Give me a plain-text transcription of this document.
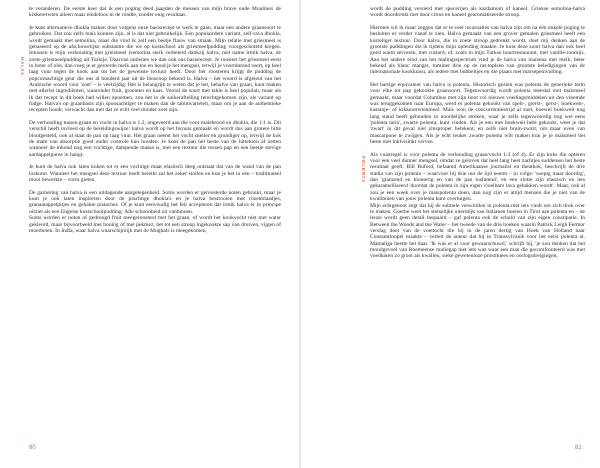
HALVA

te veranderen. De eerste keer dat ik een poging deed jaagden de messen van mijn brave oude Moulinex de kikkererwten alleen maar eindeloos in de rondte, zonder enig resultaat.

Je kunt alternatieve dhokla maken door volgens onze basisrecept te werk te gaan, maar een andere graansoort te gebruiken. Dat zou zelfs maïs kunnen zijn, al is dat niet gebruikelijk. Een populairdere variant, zelf-rava dhokla, wordt gemaakt met semolina, maar die vind ik zelf een beetje flauw van smaak. Mijn relatie met griesmeel is gebaseerd op de afschuwelijke substantie die we op kostschool als griesmeelpudding voorgeschoteld kregen. Intussen is mijn verhouding met griesmeel (semolina sterk verbeterd dankzij halva, met name irmik halva, de zoete griesmeelpudding uit Turkije. Daarvan ontlenen we dan ook ons basisrecept. Je roostert het griesmeel eerst in boter of olie, dan voeg je er geroerde melk aan toe en houd je het mengsel, terwijl je voortdurend roert, op heel laag vuur tegen de kook aan tot het de gewenste textuur heeft. Door het roosteren krijgt de pudding de popcornachtige geur die ons al honderd jaar uit de bioscoop bekend is. Halva – het woord is afgeleid van het Arabische woord voor 'zoet' – is veelzijdig. Het is belangrijk te weten dat je het, behalve van graan, kunt maken met allerlei ingrediënten, waaronder fruit, groenten en kaas. Vooral de soort met tahin is heel populair, maar als ik dat recept in dit boek had willen opnemen, zou het in de suikeraftelling terechtgekomen zijn, als variant op fudge. Halva's op graanbasis zijn sponsachtiger te maken dan de tahinivarieteit, maar om je aan de authentieke recepten houdt, verwacht dan met dat ze echt veel minder zoet zijn.

De verhouding tussen graan en vocht in halva is 1:2, ongeveerd aan die voor malebrood en dhokla, die 1:1 is. Dit verschil heeft invloed op de bereidingswijze: halva wordt op het fornuis gemaakt en wordt dus aan grotere hitte blootgesteld, ook al staat de pan op laag vuur. Het graan neemt het vocht sneller en grondiger op, terwijl de kok de mate van absorptie goed onder controle kan houden. Je kunt de pan het beste van de hittebron af zetten wanneer de inhoud nog een vochtige, dampende massa is, met een textuur die tussen pap en een beetje stevige aardappelpuree in hangt.

Je kunt de halva ook laten koken tot er een vochtige maar elastisch deeg ontstaat dat van de wand van de pan loskomt. Wanneer het mengsel deze textuur heeft bereikt zal het zeker stollen en kun je het in een – traditioneel mooi bewerkte – vorm gieten.

De garnering van halva is een uitdagende aangelegenheid. Soms worden er geroosterde noten gebruikt, maar je kunt je ook laten inspireren door de prachtige dhokla's en je halva bestrooien met rozenblaadjes, granaatappelpitjes en gehakte pistaches. Of je kunt eenvoudig het feit accepteren dat irmik halva er in principe uitziet als een Engelse kostschoolpudding. Alle schoonheid zit vanbinnen.

Soms worden er noten of gedroogd fruit meegeroosterd met het graan, of wordt het kookvocht niet met water gekleurd, maar bijvoorbeeld met honing of met pekmez, het tot een stroop ingekookte sap van druiven, vijgen of moerbeien. In India, waar halva waarschijnlijk met de Mughals is meegekomen,

80
POLENTA

wordt de pudding versierd met specerijen als kardamom of kaneel. Griekse semolina-halva wordt doordrenkt met door citrus en kaneel gearomatiseerde stroop.

Hiermee wil ik maar zeggen dat er te veel incarnaties van halva zijn om na één enkele poging te besluiten er verder vanaf te zien. Halva gemaakt van een grover gemalen griesmeel heeft een korreliger textuur. Door halva, die in zoete stroop gedrenkt wordt, doet mij denken aan de grootste puddingen die ik tijdens mijn opleiding maakte. Je kunt deze soort halva dan ook heel goed warm serveren, met custard, of, zoals in mijn Turkse buurtrestaurant, met vanille-roomijs. Aan het andere eind van het malingsspectrum vind je de halva van maïsena met melk, beter bekend als blanc manger, tuminer drie op de rat-toplsen van grootste beledigingen van de internationale kookkunst, als iedere met bubbeltjes en die plaats met marsepeinvulling.

Het hartige equivalent van halva is polenta. Historisch gezien was polenta de generieke term voor elke tot pap gekookte graansoort. Tegenwoordig wordt polenta meestal met maïsmeel gemaakt, maar voordat Columbus met zijn boot vol nieuwe voedingsmiddelen uit den vreemde was teruggekomen naar Europa, werd er polenta gekookt van spelt-, gierst-, gerst-, boekweit-, kastanje- of kikkererwtenmeel. Maïs won de concurrentiestrijd al snel, hoewel boekweit nog lang stand heeft gehouden in noordelijke streken, waar je zelfs tegenwoordig nog wel eens 'polenta nera', zwarte polenta, kunt vinden. Als je een met boekweit hebt gekookt, weet je dat 'zwart' in dit geval niet zinsproper betekent, en zelfs niet bruin-zwart, om maar even van mascarpone te zwijgen. Als je echt leuker zwarte polenta wilt maken kun je je maïsmeel het beste met inktvisinkt verven.

Als vuistregel is voor polenta de verhouding graan/vocht 1:3 (of 4). Er zijn koks die opteren voor een veel dunner mengsel, omdat ze geloven dat heel lang heet zachtjes suddereen het beste resultaat geeft. Bill Buford, befaamd Amerikaanse journalist en theatkok, beschrijft de drie stadia van zijn polenta – waarvoor hij drie uur de tijd neemt – in volge: 'soepig maar doordig', dan 'glanzend en klonterig en van de pan losfatend', en een slotte zijn elastisch en iets gekaramelliseerd 'doordat de polenta in zijn eigen vloeibare lava gebakken wordt'. Maar, ook al zou je een week over je maispolenta doen, dan nog zijn er altijd mensen die je niet van de kwaliteiten van jouw polenta kunt overtuigen.

Mijn echtgenoot zegt dat hij de subtiele verschillen in polenta niet iets vindt om zich druk over te maken. Goethe weet het stelselijke uitermijk van Italianen boeren in Tirol aan polenta en – de leuze wordt geen detail bespaard – gaf polenta ook de schuld van zijn eigen constipatie. In Between the Woods and the Water – het tweede van de drie boeken waarin Patrick Leigh Fermor verslag doet van de voettocht die hij in de jaren dertig van Hoek van Holland naar Constantinopel maakte – vertelt de auteur dat hij in Transsylvanië voor het eerst polenta at. Mamaliga heette het daar. 'Ik was er al voor gewaarschuwd,' schrijft hij, 'je zou denken dat het mondgevoel van Roemeense muliegap niet iets was waar een man die gecomfronteerd was met voedbaren zo groot als kwallen, sieke gewetenloze prostituees en oorlogsdreigingen,

81
